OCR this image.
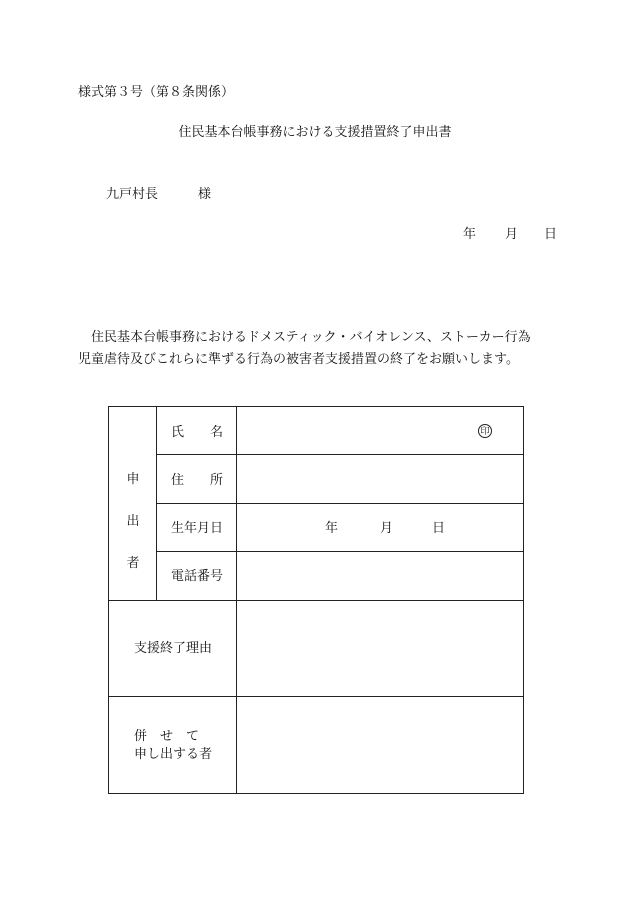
様式第３号（第８条関係）
住民基本台帳事務における支援措置終了申出書
九戸村長	様
年 月 日
住民基本台帳事務におけるドメスティック・バイオレンス、ストーカー行為
児童虐待及びこれらに準ずる行為の被害者支援措置の終了をお願いします。
申
出
者
氏　　名	印
住　　所
生年月日	年	月	日
電話番号
支援終了理由
併　せ　て
申し出する者
